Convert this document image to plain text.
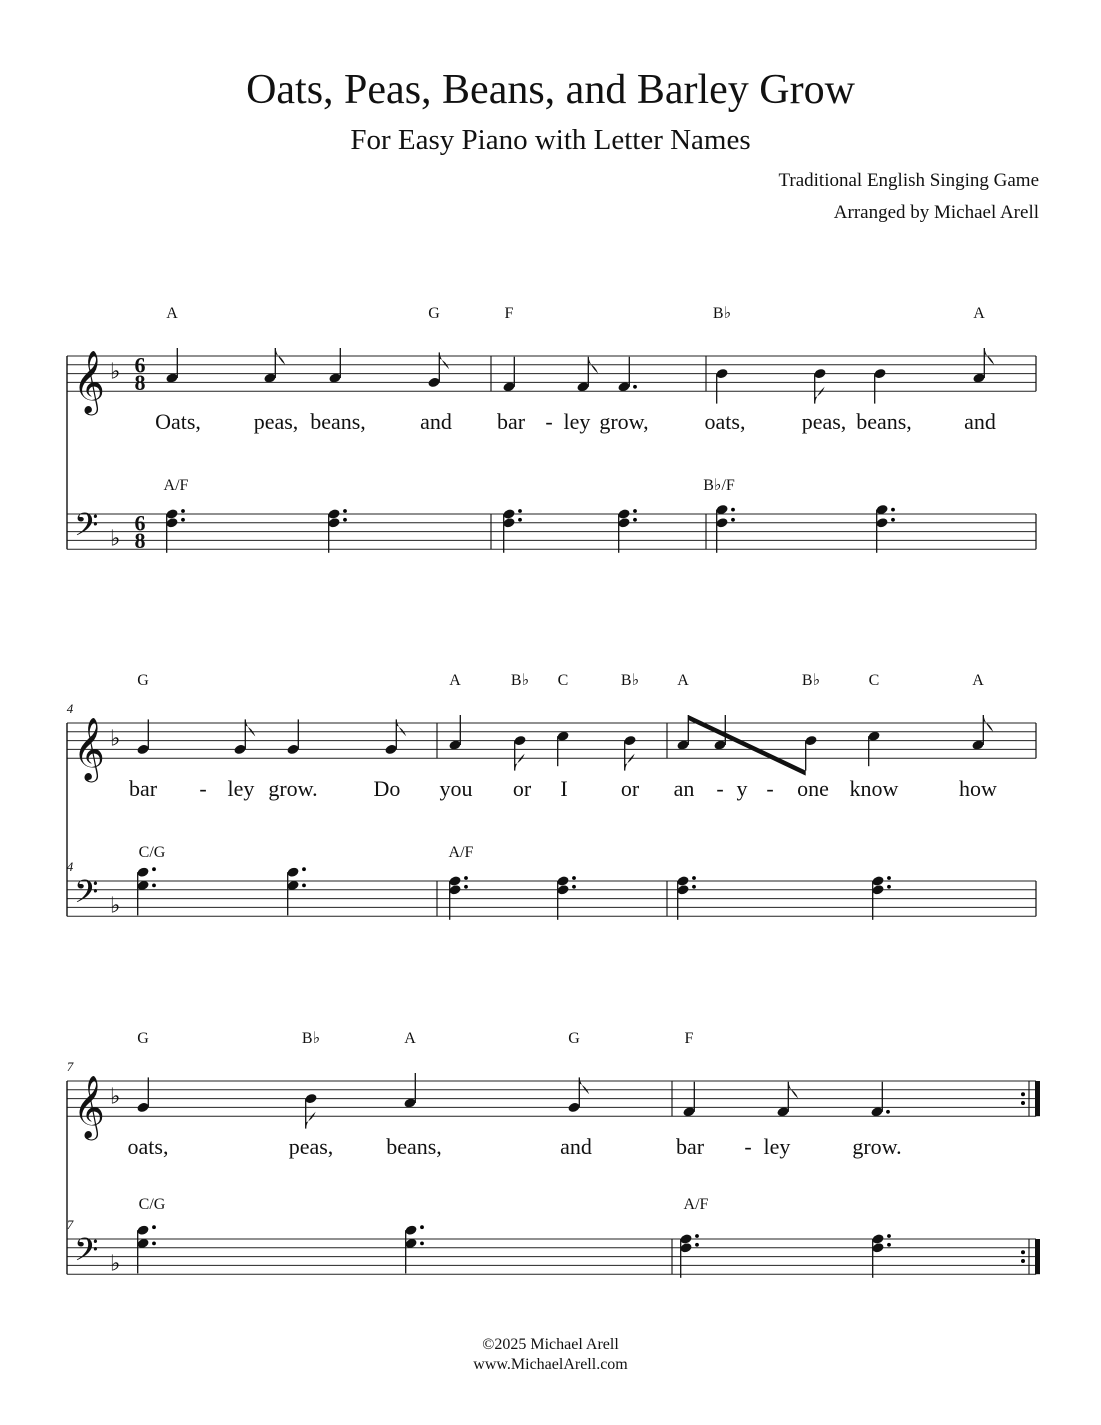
Oats, Peas, Beans, and Barley Grow
For Easy Piano with Letter Names
Traditional English Singing Game
Arranged by Michael Arell
𝄞
𝄢
♭
♭
6
8
6
8
A	G	F	B♭	A
A/F	B♭/F
Oats, peas, beans, and bar - ley grow,	oats,	peas, beans, and
𝄞
𝄢
♭
♭
4
4
G	A	B♭ C	B♭ A	B♭	C	A
C/G	A/F
bar - ley grow.	Do you or I or an - y - one know	how
𝄞
𝄢
♭
♭
7
7
G	B♭	A	G	F
C/G	A/F
oats,	peas, beans,	and	bar - ley	grow.
©2025 Michael Arell
www.MichaelArell.com
